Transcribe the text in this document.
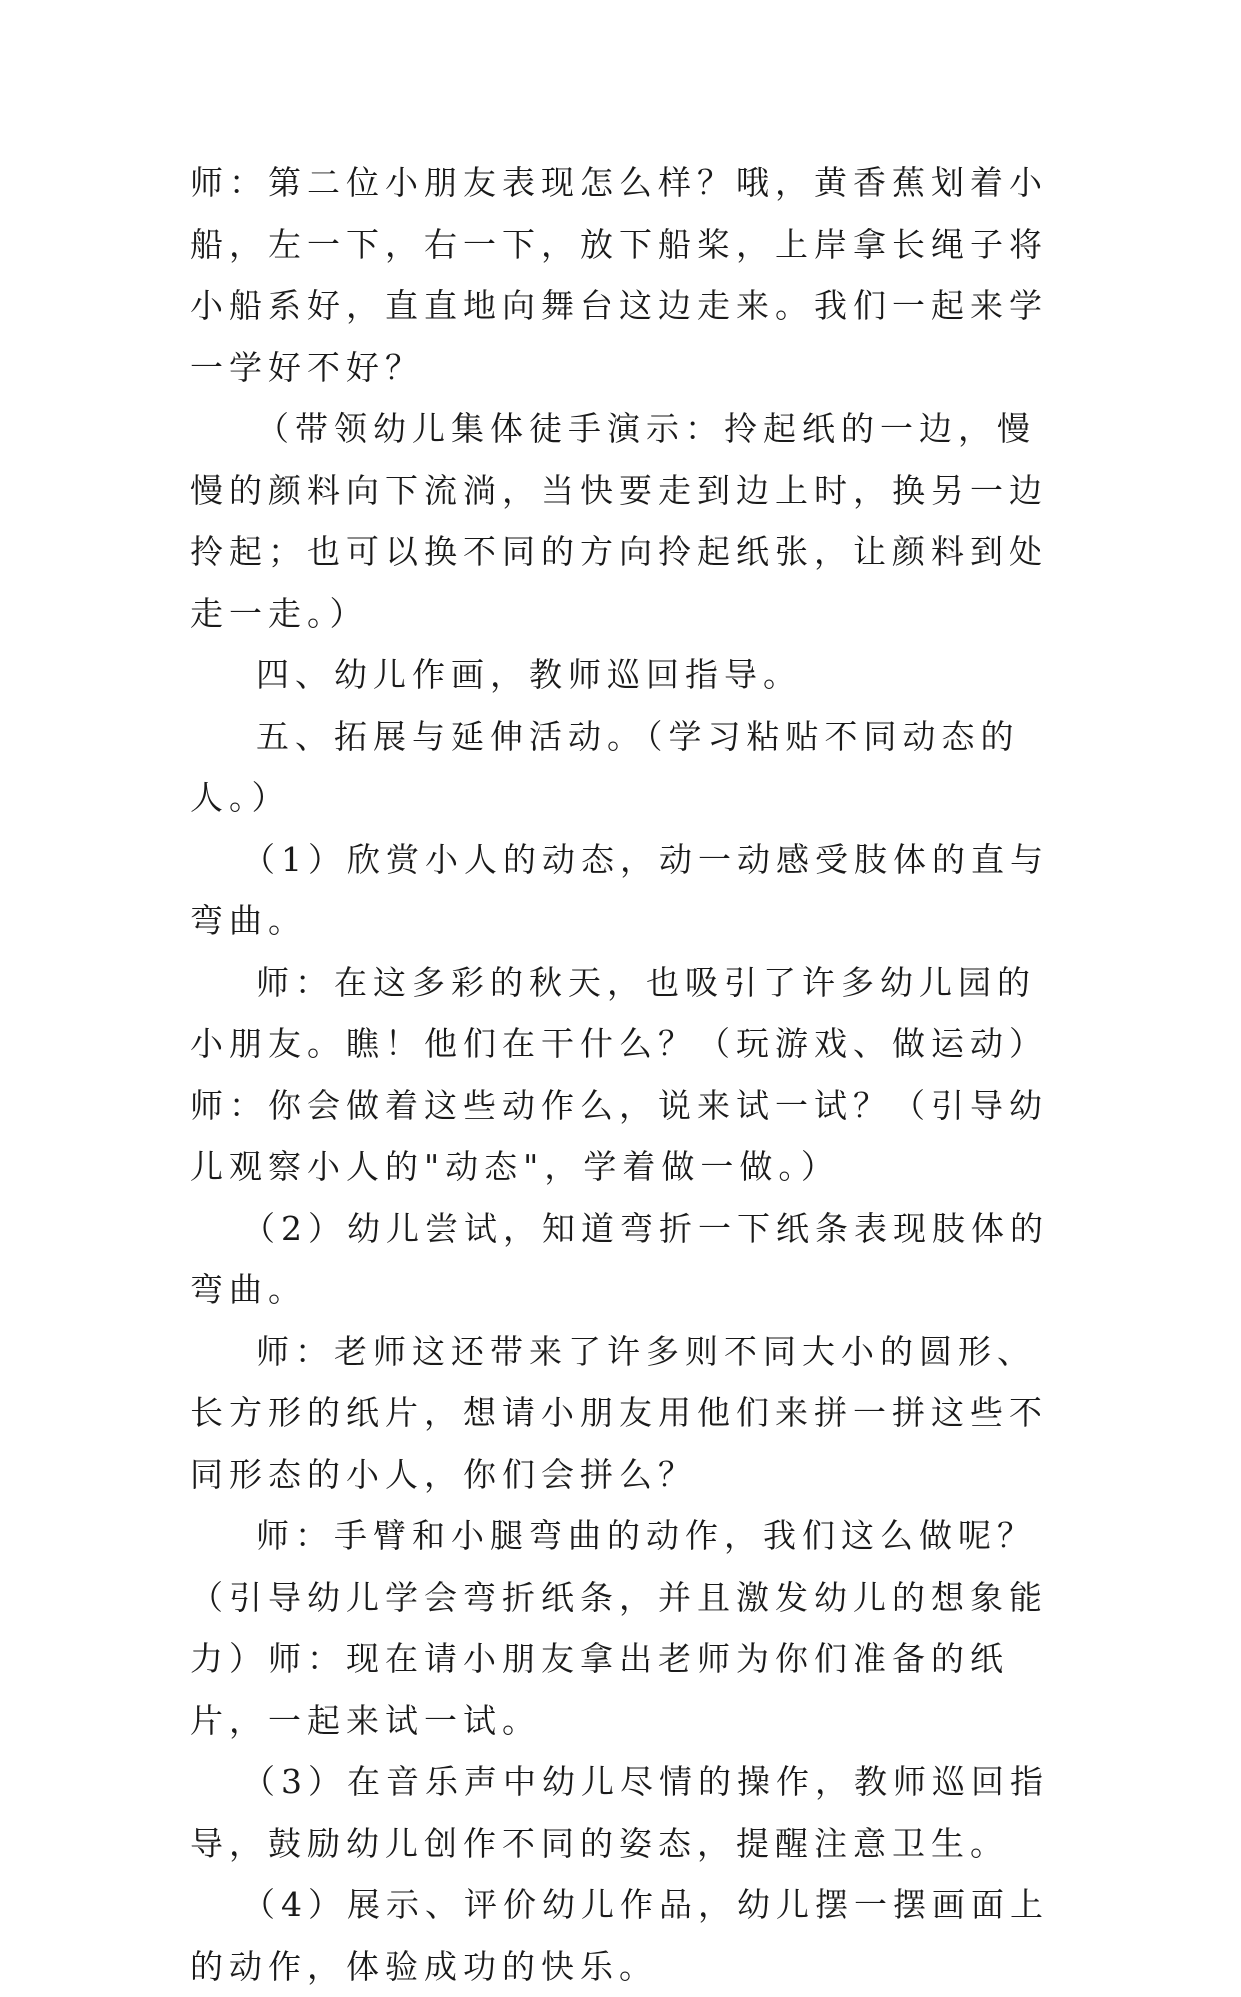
师：第二位小朋友表现怎么样？哦，黄香蕉划着小船，左一下，右一下，放下船桨，上岸拿长绳子将小船系好，直直地向舞台这边走来。我们一起来学一学好不好？

（带领幼儿集体徒手演示：拎起纸的一边，慢慢的颜料向下流淌，当快要走到边上时，换另一边拎起；也可以换不同的方向拎起纸张，让颜料到处走一走。）

四、幼儿作画，教师巡回指导。

五、拓展与延伸活动。（学习粘贴不同动态的人。）

（1）欣赏小人的动态，动一动感受肢体的直与弯曲。

师：在这多彩的秋天，也吸引了许多幼儿园的小朋友。瞧！他们在干什么？（玩游戏、做运动）师：你会做着这些动作么，说来试一试？（引导幼儿观察小人的"动态"，学着做一做。）

（2）幼儿尝试，知道弯折一下纸条表现肢体的弯曲。

师：老师这还带来了许多则不同大小的圆形、长方形的纸片，想请小朋友用他们来拼一拼这些不同形态的小人，你们会拼么？

师：手臂和小腿弯曲的动作，我们这么做呢？（引导幼儿学会弯折纸条，并且激发幼儿的想象能力）师：现在请小朋友拿出老师为你们准备的纸片，一起来试一试。

（3）在音乐声中幼儿尽情的操作，教师巡回指导，鼓励幼儿创作不同的姿态，提醒注意卫生。

（4）展示、评价幼儿作品，幼儿摆一摆画面上的动作，体验成功的快乐。
